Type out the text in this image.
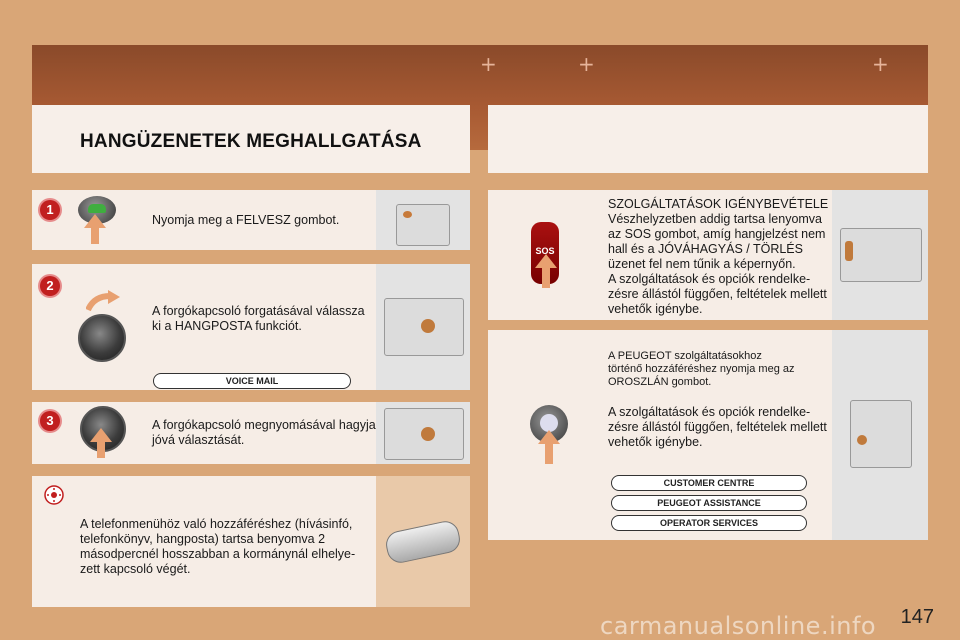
+	+	+
HANGÜZENETEK MEGHALLGATÁSA
1
Nyomja meg a FELVESZ gombot.
2
A forgókapcsoló forgatásával válassza ki a HANGPOSTA funkciót.
VOICE MAIL
3	A forgókapcsoló megnyomásával hagyja jóvá választását.
A telefonmenühöz való hozzáféréshez (hívásinfó, telefonkönyv, hangposta) tartsa benyomva 2 másodpercnél hosszabban a kormánynál elhelyezett kapcsoló végét.
SOS
SZOLGÁLTATÁSOK IGÉNYBEVÉTELE
Vészhelyzetben addig tartsa lenyomva az SOS gombot, amíg hangjelzést nem hall és a JÓVÁHAGYÁS / TÖRLÉS üzenet fel nem tűnik a képernyőn.
A szolgáltatások és opciók rendelkezésre állástól függően, feltételek mellett vehetők igénybe.
A PEUGEOT szolgáltatásokhoz történő hozzáféréshez nyomja meg az OROSZLÁN gombot.
A szolgáltatások és opciók rendelkezésre állástól függően, feltételek mellett vehetők igénybe.
CUSTOMER CENTRE
PEUGEOT ASSISTANCE
OPERATOR SERVICES
147
carmanualsonline.info
